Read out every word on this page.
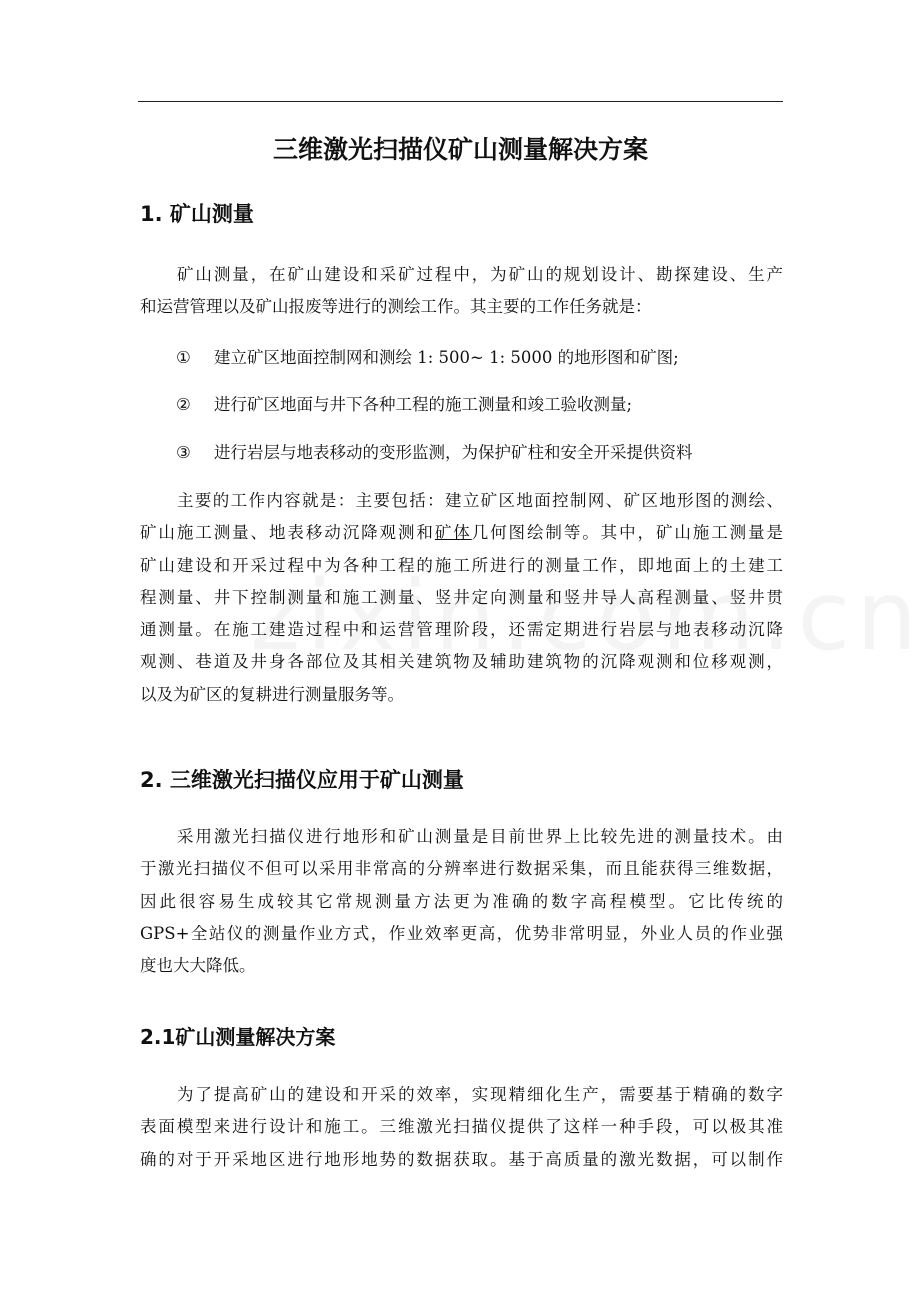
三维激光扫描仪矿山测量解决方案
1. 矿山测量
矿山测量，在矿山建设和采矿过程中，为矿山的规划设计、勘探建设、生产
和运营管理以及矿山报废等进行的测绘工作。其主要的工作任务就是：
① 建立矿区地面控制网和测绘 1: 500~ 1: 5000 的地形图和矿图;
② 进行矿区地面与井下各种工程的施工测量和竣工验收测量;
③ 进行岩层与地表移动的变形监测，为保护矿柱和安全开采提供资料
主要的工作内容就是：主要包括：建立矿区地面控制网、矿区地形图的测绘、
矿山施工测量、地表移动沉降观测和矿体几何图绘制等。其中，矿山施工测量是
矿山建设和开采过程中为各种工程的施工所进行的测量工作，即地面上的土建工
程测量、井下控制测量和施工测量、竖井定向测量和竖井导人高程测量、竖井贯
通测量。在施工建造过程中和运营管理阶段，还需定期进行岩层与地表移动沉降
观测、巷道及井身各部位及其相关建筑物及辅助建筑物的沉降观测和位移观测，
以及为矿区的复耕进行测量服务等。
2. 三维激光扫描仪应用于矿山测量
采用激光扫描仪进行地形和矿山测量是目前世界上比较先进的测量技术。由
于激光扫描仪不但可以采用非常高的分辨率进行数据采集，而且能获得三维数据，
因此很容易生成较其它常规测量方法更为准确的数字高程模型。它比传统的
GPS+全站仪的测量作业方式，作业效率更高，优势非常明显，外业人员的作业强
度也大大降低。
2.1矿山测量解决方案
为了提高矿山的建设和开采的效率，实现精细化生产，需要基于精确的数字
表面模型来进行设计和施工。三维激光扫描仪提供了这样一种手段，可以极其准
确的对于开采地区进行地形地势的数据获取。基于高质量的激光数据，可以制作
